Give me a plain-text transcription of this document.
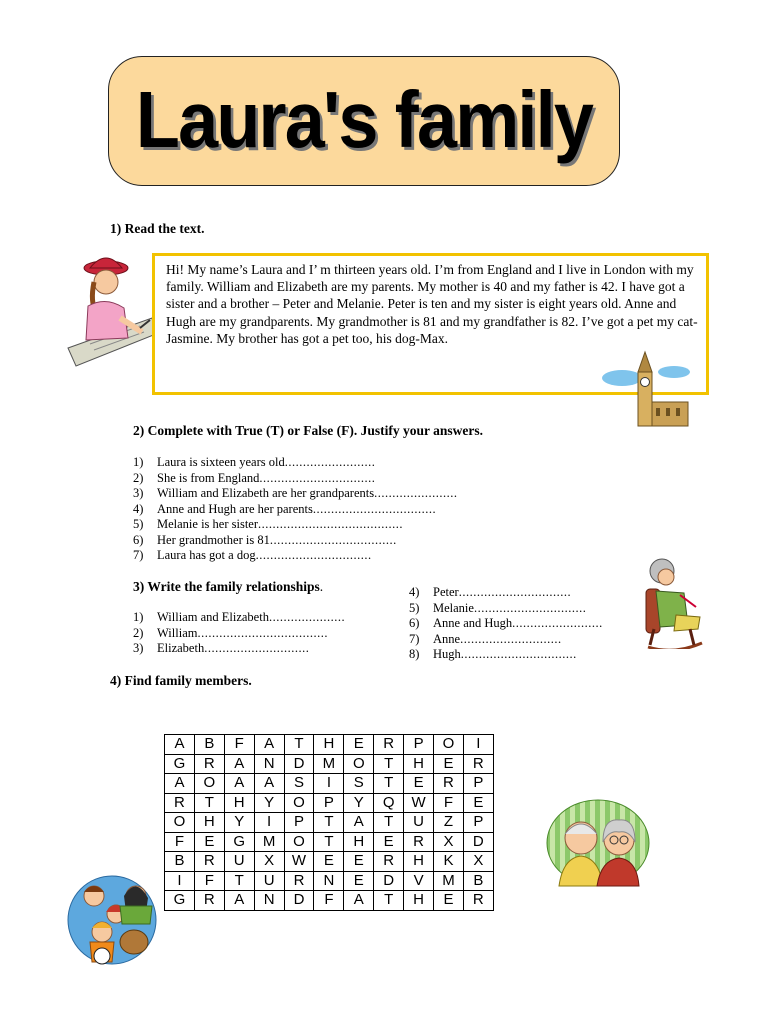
Laura's family
1) Read the text.
Hi! My name’s Laura and I’ m thirteen years old. I’m from England and I live in London with my family. William and Elizabeth are my parents. My mother is 40 and my father is 42. I have got a sister and a brother – Peter and Melanie. Peter is ten and my sister is eight years old. Anne and Hugh are my grandparents. My grandmother is 81 and my grandfather is 82. I’ve got a pet my cat- Jasmine. My brother has got a pet too, his dog-Max.
2) Complete with True (T) or False (F). Justify your answers.
1) Laura is sixteen years old.........................
2) She is from England................................
3) William and Elizabeth are her grandparents.......................
4) Anne and Hugh are her parents..................................
5) Melanie is her sister........................................
6) Her grandmother is 81...................................
7) Laura has got a dog................................
3) Write the family relationships.
1) William and Elizabeth.....................
2) William....................................
3) Elizabeth.............................
4) Peter...............................
5) Melanie...............................
6) Anne and Hugh.........................
7) Anne............................
8) Hugh................................
4) Find family members.
A	B	F	A	T	H	E	R	P	O	I
G	R	A	N	D	M	O	T	H	E	R
A	O	A	A	S	I	S	T	E	R	P
R	T	H	Y	O	P	Y	Q	W	F	E
O	H	Y	I	P	T	A	T	U	Z	P
F	E	G	M	O	T	H	E	R	X	D
B	R	U	X	W	E	E	R	H	K	X
I	F	T	U	R	N	E	D	V	M	B
G	R	A	N	D	F	A	T	H	E	R
